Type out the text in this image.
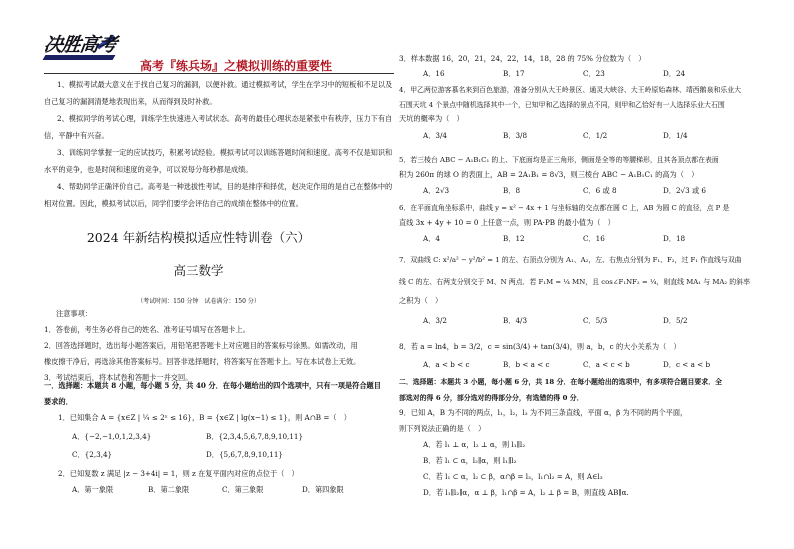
决胜高考
高考『练兵场』之模拟训练的重要性
1、模拟考试最大意义在于找自己复习的漏洞，以便补救。通过模拟考试，学生在学习中的短板和不足以及自己复习的漏洞清楚地表现出来，从而得到及时补救。
2、模拟同学的考试心理，训练学生快速进入考试状态。高考的最佳心理状态是紧张中有秩序，压力下有自信，平静中有兴奋。
3、训练同学掌握一定的应试技巧，积累考试经验。模拟考试可以训练答题时间和速度。高考不仅是知识和水平的竞争，也是时间和速度的竞争，可以说每分每秒都是成绩。
4、帮助同学正确评价自己。高考是一种选拔性考试，目的是排序和择优，赵决定作用的是自己在整体中的相对位置。因此，模拟考试以后，同学们要学会评估自己的成绩在整体中的位置。
2024 年新结构模拟适应性特训卷（六）
高三数学
（考试时间：150 分钟　试卷满分：150 分）
注意事项：
1．答卷前，考生务必将自己的姓名、准考证号填写在答题卡上。
2．回答选择题时，选出每小题答案后，用铅笔把答题卡上对应题目的答案标号涂黑。如需改动，用
橡皮擦干净后，再选涂其他答案标号。回答非选择题时，将答案写在答题卡上。写在本试卷上无效。
3．考试结束后，将本试卷和答题卡一并交回。
一．选择题：本题共 8 小题，每小题 5 分，共 40 分．在每小题给出的四个选项中，只有一项是符合题目
要求的．
1．已知集合 A = {x∈Z | ¼ ≤ 2ˣ ≤ 16}，B = {x∈Z | lg(x−1) ≤ 1}，则 A∩B =（　）
A．{−2,−1,0,1,2,3,4}	B．{2,3,4,5,6,7,8,9,10,11}
C．{2,3,4}	D．{5,6,7,8,9,10,11}
2．已知复数 z 满足 |z − 3+4i| = 1，则 z 在复平面内对应的点位于（　）
A．第一象限	B．第二象限	C．第三象限	D．第四象限
3．样本数据 16，20，21，24，22，14，18，28 的 75% 分位数为（　）
A．16	B．17	C．23	D．24
4．甲乙两位游客慕名来到百色旅游，准备分别从大王岭景区、通灵大峡谷、大王岭原始森林、靖西鹅泉和乐业大
石围天坑 4 个景点中随机选择其中一个，已知甲和乙选择的景点不同，则甲和乙恰好有一人选择乐业大石围
天坑的概率为（　）
A．3/4	B．3/8	C．1/2	D．1/4
5．若三棱台 ABC − A₁B₁C₁ 的上、下底面均是正三角形，侧面是全等的等腰梯形，且其各顶点都在表面
积为 260π 的球 O 的表面上，AB = 2A₁B₁ = 8√3，则三棱台 ABC − A₁B₁C₁ 的高为（　）
A．2√3	B．8	C．6 或 8	D．2√3 或 6
6．在平面直角坐标系中，曲线 y = x² − 4x + 1 与坐标轴的交点都在圆 C 上，AB 为圆 C 的直径，点 P 是
直线 3x + 4y + 10 = 0 上任意一点，则 PA·PB 的最小值为（　）
A．4	B．12	C．16	D．18
7．双曲线 C: x²/a² − y²/b² = 1 的左、右顶点分别为 A₁、A₂，左、右焦点分别为 F₁、F₂，过 F₁ 作直线与双曲
线 C 的左、右两支分别交于 M、N 两点．若 F₁M = ¼ MN，且 cos∠F₁NF₂ = ¼，则直线 MA₁ 与 MA₂ 的斜率
之积为（　）
A．3/2	B．4/3	C．5/3	D．5/2
8．若 a = ln4，b = 3/2，c = sin(3/4) + tan(3/4)，则 a，b，c 的大小关系为（　）
A．a < b < c	B．b < a < c	C．a < c < b	D．c < a < b
二．选择题：本题共 3 小题，每小题 6 分，共 18 分．在每小题给出的选项中，有多项符合题目要求．全
部选对的得 6 分，部分选对的得部分分，有选错的得 0 分．
9．已知 A，B 为不同的两点，l₁，l₂，l₃ 为不同三条直线，平面 α，β 为不同的两个平面，
则下列说法正确的是（　）
A．若 l₁ ⊥ α，l₂ ⊥ α，则 l₁∥l₂
B．若 l₁ ⊂ α，l₂∥α，则 l₁∥l₂
C．若 l₁ ⊂ α，l₂ ⊂ β，α∩β = l₃，l₁∩l₂ = A，则 A∈l₃
D．若 l₁∥l₂∥α，α ⊥ β，l₁∩β = A，l₂ ⊥ β = B，则直线 AB∥α.
